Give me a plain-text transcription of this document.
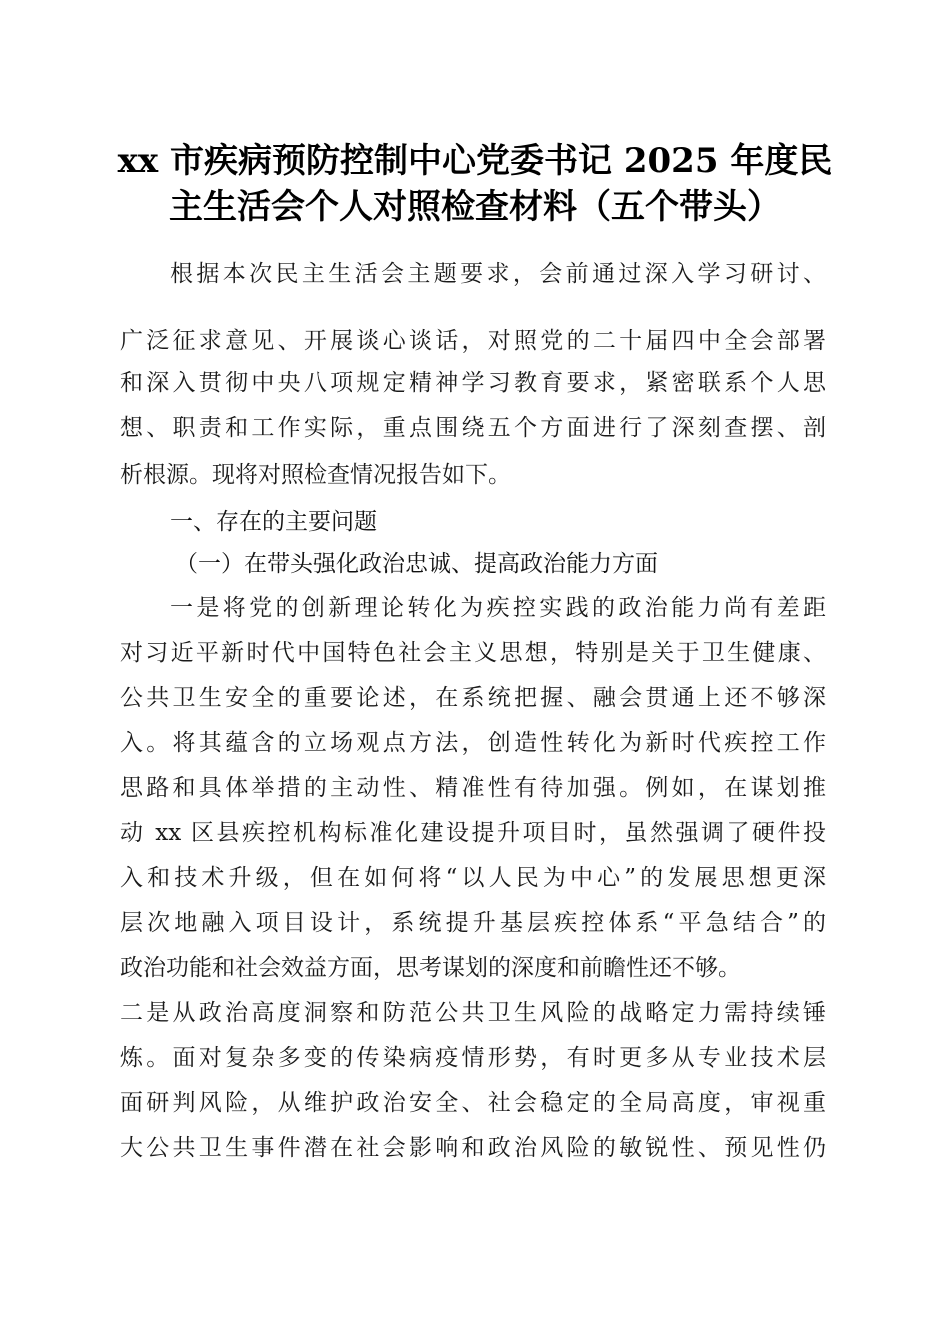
xx 市疾病预防控制中心党委书记 2025 年度民
主生活会个人对照检查材料（五个带头）
根据本次民主生活会主题要求，会前通过深入学习研讨、
广泛征求意见、开展谈心谈话，对照党的二十届四中全会部署
和深入贯彻中央八项规定精神学习教育要求，紧密联系个人思
想、职责和工作实际，重点围绕五个方面进行了深刻查摆、剖
析根源。现将对照检查情况报告如下。
一、存在的主要问题
（一）在带头强化政治忠诚、提高政治能力方面
一是将党的创新理论转化为疾控实践的政治能力尚有差距
对习近平新时代中国特色社会主义思想，特别是关于卫生健康、
公共卫生安全的重要论述，在系统把握、融会贯通上还不够深
入。将其蕴含的立场观点方法，创造性转化为新时代疾控工作
思路和具体举措的主动性、精准性有待加强。例如，在谋划推
动 xx 区县疾控机构标准化建设提升项目时，虽然强调了硬件投
入和技术升级，但在如何将“以人民为中心”的发展思想更深
层次地融入项目设计，系统提升基层疾控体系“平急结合”的
政治功能和社会效益方面，思考谋划的深度和前瞻性还不够。
二是从政治高度洞察和防范公共卫生风险的战略定力需持续锤
炼。面对复杂多变的传染病疫情形势，有时更多从专业技术层
面研判风险，从维护政治安全、社会稳定的全局高度，审视重
大公共卫生事件潜在社会影响和政治风险的敏锐性、预见性仍
